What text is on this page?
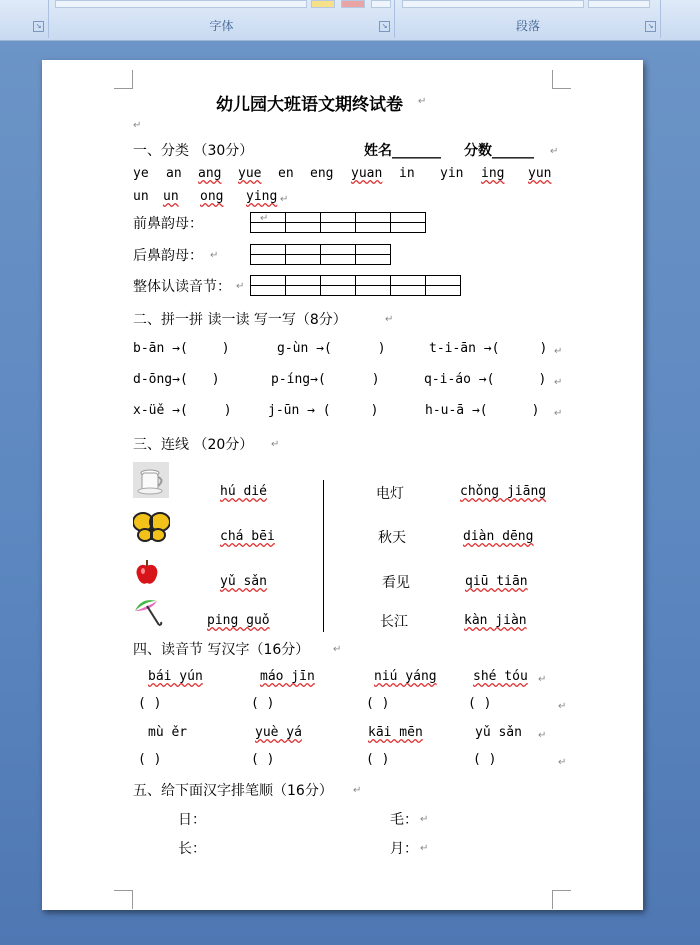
↘	字体	↘	段落	↘
幼儿园大班语文期终试卷 ↵
↵
一、分类 （30分）	姓名_______ 分数______ ↵
ye an ang yue en eng yuan in yin ing yun
un un ong ying ↵
前鼻韵母：

					↵
后鼻韵母： ↵

整体认读音节： ↵

二、拼一拼 读一读 写一写（8分）	↵
b-ān →(	)	g-ùn →(	)	t-i-ān →(	) ↵
d-ōng→( )	p-íng→(	)	q-i-áo →(	) ↵
x-üě →(	)	j-ūn → (	)	h-u-ā →(	) ↵
三、连线 （20分） ↵
hú dié
chá bēi
yǔ sǎn
ping guǒ
电灯
秋天
看见
长江
chǒng jiāng
diàn dēng
qiū tiān
kàn jiàn
四、读音节 写汉字（16分） ↵
bái yún	máo jīn	niú yáng	shé tóu ↵
( )	( )	( )	( )	↵
mù ěr	yuè yá	kāi mēn	yǔ sǎn ↵
( )	( )	( )	( )	↵
五、给下面汉字排笔顺（16分） ↵
日：	毛： ↵
长：	月： ↵
